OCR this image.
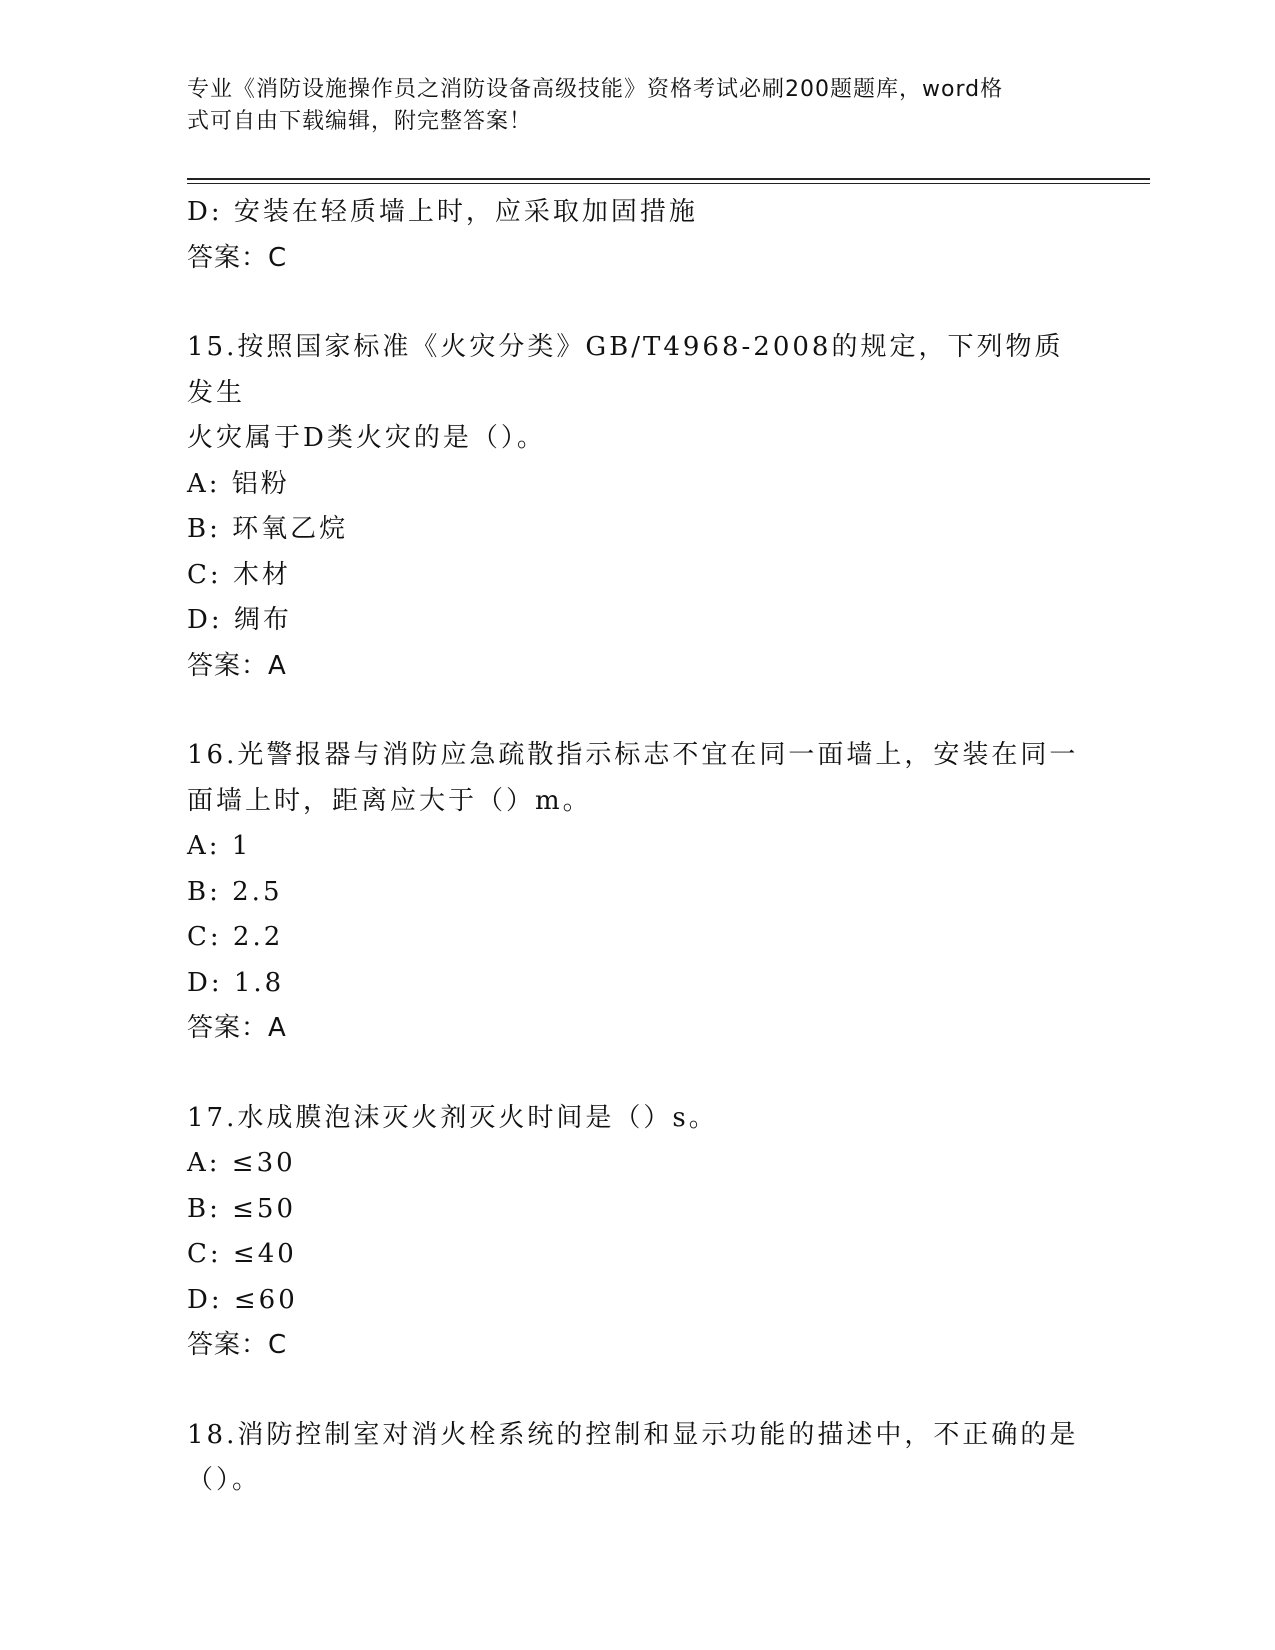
专业《消防设施操作员之消防设备高级技能》资格考试必刷200题题库，word格
式可自由下载编辑，附完整答案！
D: 安装在轻质墙上时，应采取加固措施
答案：C
15.按照国家标准《火灾分类》GB/T4968-2008的规定，下列物质发生
火灾属于D类火灾的是（）。
A: 铝粉
B: 环氧乙烷
C: 木材
D: 绸布
答案：A
16.光警报器与消防应急疏散指示标志不宜在同一面墙上，安装在同一
面墙上时，距离应大于（）m。
A: 1
B: 2.5
C: 2.2
D: 1.8
答案：A
17.水成膜泡沫灭火剂灭火时间是（）s。
A: ≤30
B: ≤50
C: ≤40
D: ≤60
答案：C
18.消防控制室对消火栓系统的控制和显示功能的描述中，不正确的是
（）。
